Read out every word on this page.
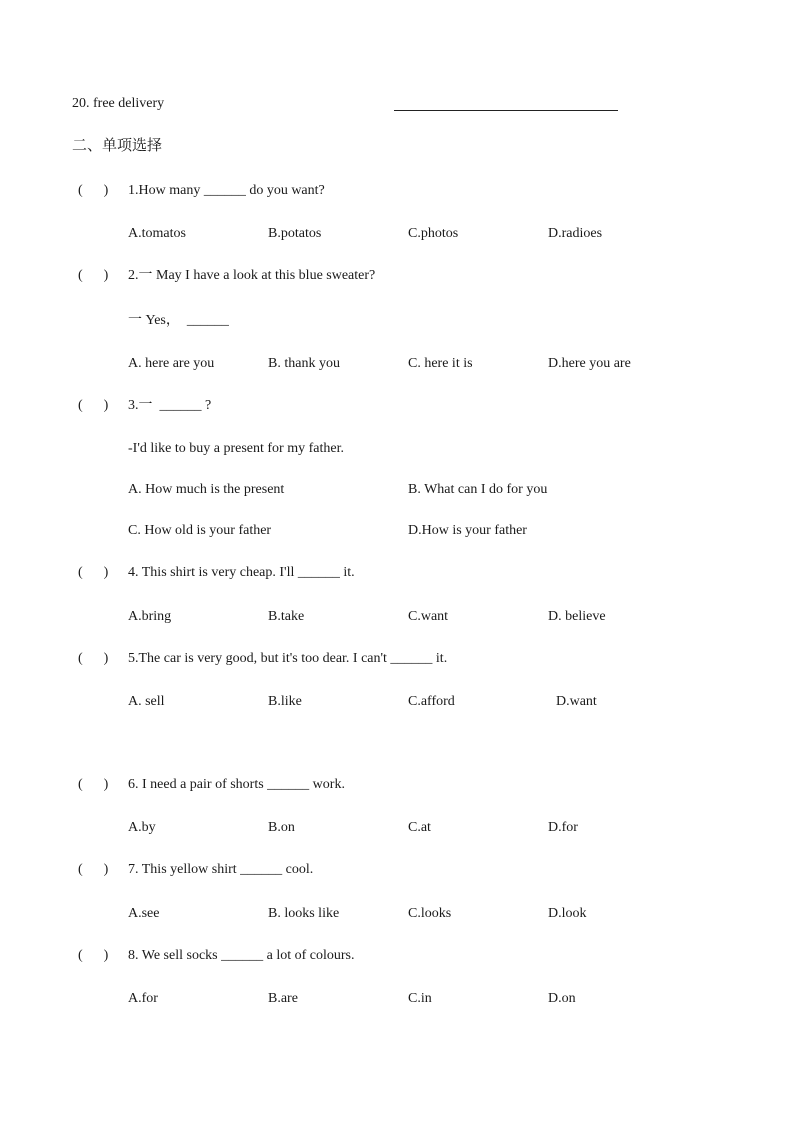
20. free delivery
二、单项选择
(      ) 1.How many ______ do you want?
A.tomatos	B.potatos	C.photos	D.radioes
(      ) 2.一 May I have a look at this blue sweater?
一 Yes，  ______
A. here are you	B. thank you	C. here it is	D.here you are
(      ) 3.一  ______ ?
-I'd like to buy a present for my father.
A. How much is the present	B. What can I do for you
C. How old is your father	D.How is your father
(      ) 4. This shirt is very cheap. I'll ______ it.
A.bring	B.take	C.want	D. believe
(      ) 5.The car is very good, but it's too dear. I can't ______ it.
A. sell	B.like	C.afford	D.want
(      ) 6. I need a pair of shorts ______ work.
A.by	B.on	C.at	D.for
(      ) 7. This yellow shirt ______ cool.
A.see	B. looks like	C.looks	D.look
(      ) 8. We sell socks ______ a lot of colours.
A.for	B.are	C.in	D.on
